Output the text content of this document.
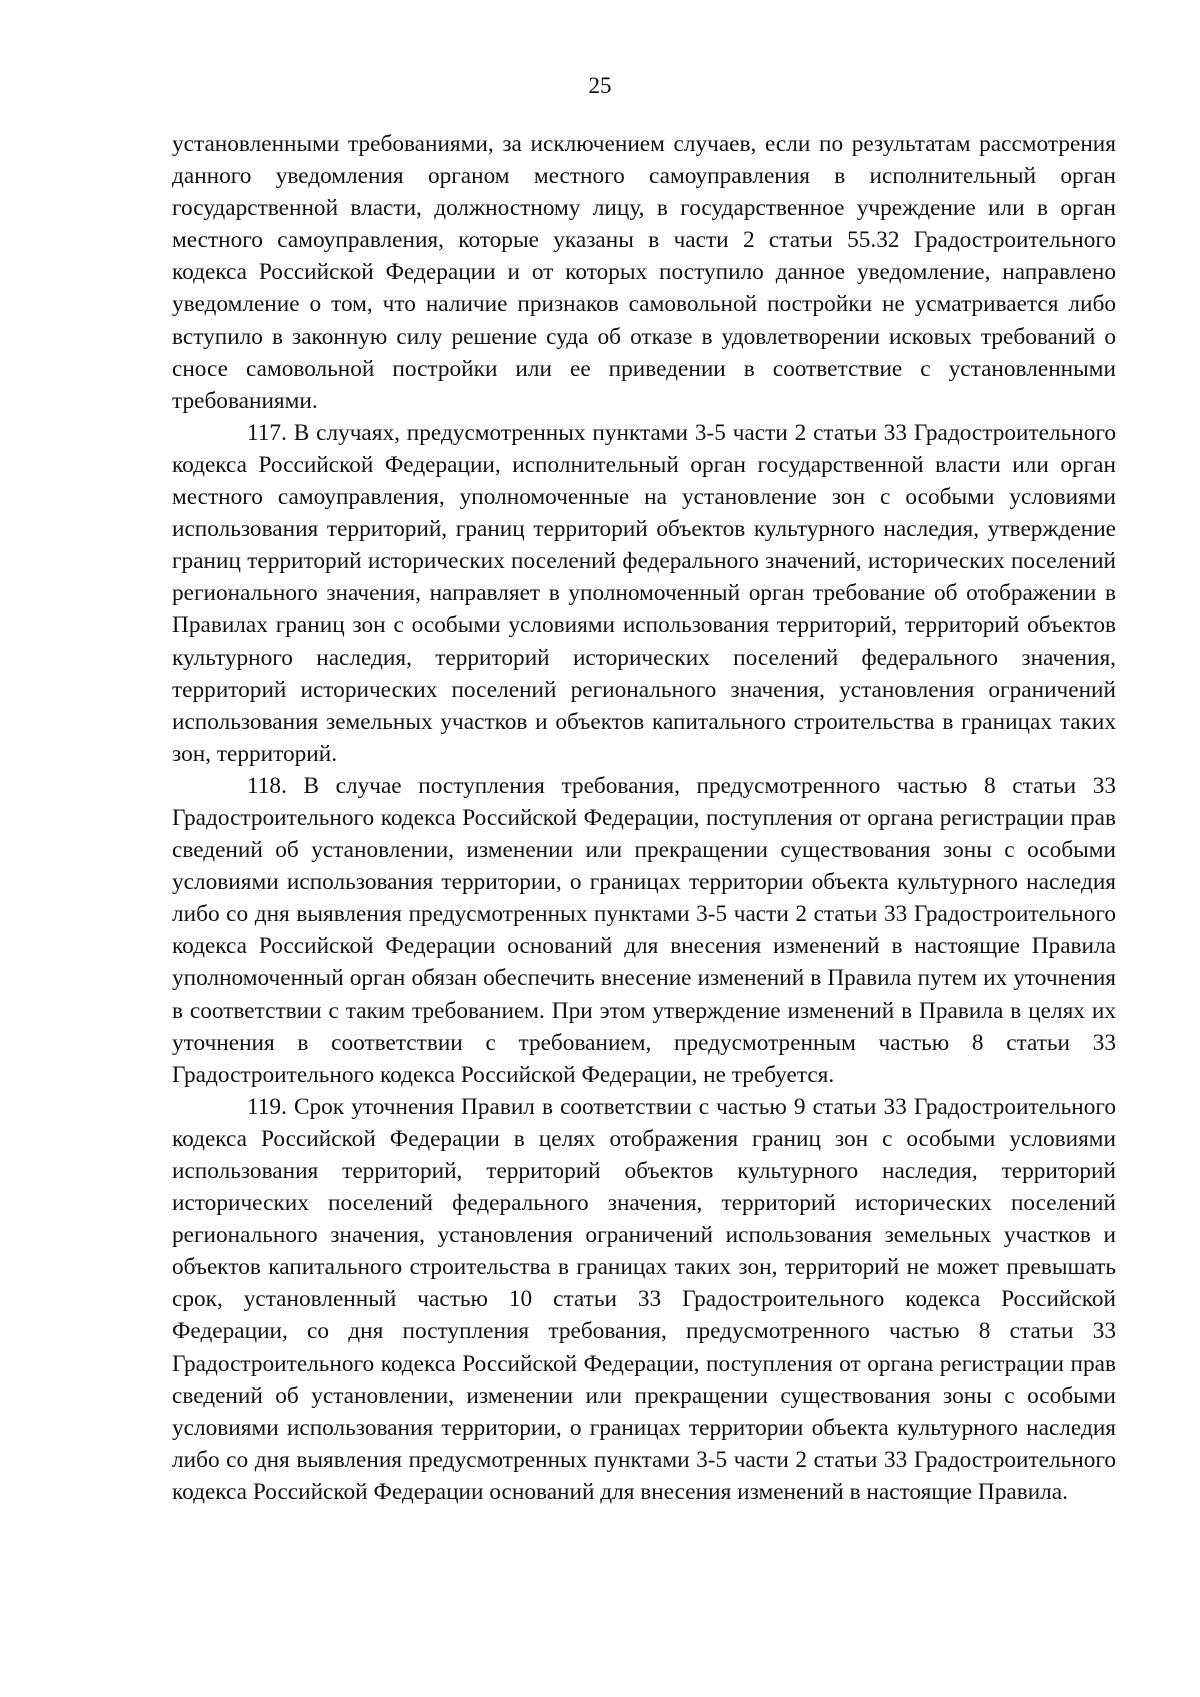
25

установленными требованиями, за исключением случаев, если по результатам рассмотрения данного уведомления органом местного самоуправления в исполнительный орган государственной власти, должностному лицу, в государственное учреждение или в орган местного самоуправления, которые указаны в части 2 статьи 55.32 Градостроительного кодекса Российской Федерации и от которых поступило данное уведомление, направлено уведомление о том, что наличие признаков самовольной постройки не усматривается либо вступило в законную силу решение суда об отказе в удовлетворении исковых требований о сносе самовольной постройки или ее приведении в соответствие с установленными требованиями.

117. В случаях, предусмотренных пунктами 3-5 части 2 статьи 33 Градостроительного кодекса Российской Федерации, исполнительный орган государственной власти или орган местного самоуправления, уполномоченные на установление зон с особыми условиями использования территорий, границ территорий объектов культурного наследия, утверждение границ территорий исторических поселений федерального значений, исторических поселений регионального значения, направляет в уполномоченный орган требование об отображении в Правилах границ зон с особыми условиями использования территорий, территорий объектов культурного наследия, территорий исторических поселений федерального значения, территорий исторических поселений регионального значения, установления ограничений использования земельных участков и объектов капитального строительства в границах таких зон, территорий.

118. В случае поступления требования, предусмотренного частью 8 статьи 33 Градостроительного кодекса Российской Федерации, поступления от органа регистрации прав сведений об установлении, изменении или прекращении существования зоны с особыми условиями использования территории, о границах территории объекта культурного наследия либо со дня выявления предусмотренных пунктами 3-5 части 2 статьи 33 Градостроительного кодекса Российской Федерации оснований для внесения изменений в настоящие Правила уполномоченный орган обязан обеспечить внесение изменений в Правила путем их уточнения в соответствии с таким требованием. При этом утверждение изменений в Правила в целях их уточнения в соответствии с требованием, предусмотренным частью 8 статьи 33 Градостроительного кодекса Российской Федерации, не требуется.

119. Срок уточнения Правил в соответствии с частью 9 статьи 33 Градостроительного кодекса Российской Федерации в целях отображения границ зон с особыми условиями использования территорий, территорий объектов культурного наследия, территорий исторических поселений федерального значения, территорий исторических поселений регионального значения, установления ограничений использования земельных участков и объектов капитального строительства в границах таких зон, территорий не может превышать срок, установленный частью 10 статьи 33 Градостроительного кодекса Российской Федерации, со дня поступления требования, предусмотренного частью 8 статьи 33 Градостроительного кодекса Российской Федерации, поступления от органа регистрации прав сведений об установлении, изменении или прекращении существования зоны с особыми условиями использования территории, о границах территории объекта культурного наследия либо со дня выявления предусмотренных пунктами 3-5 части 2 статьи 33 Градостроительного кодекса Российской Федерации оснований для внесения изменений в настоящие Правила.
